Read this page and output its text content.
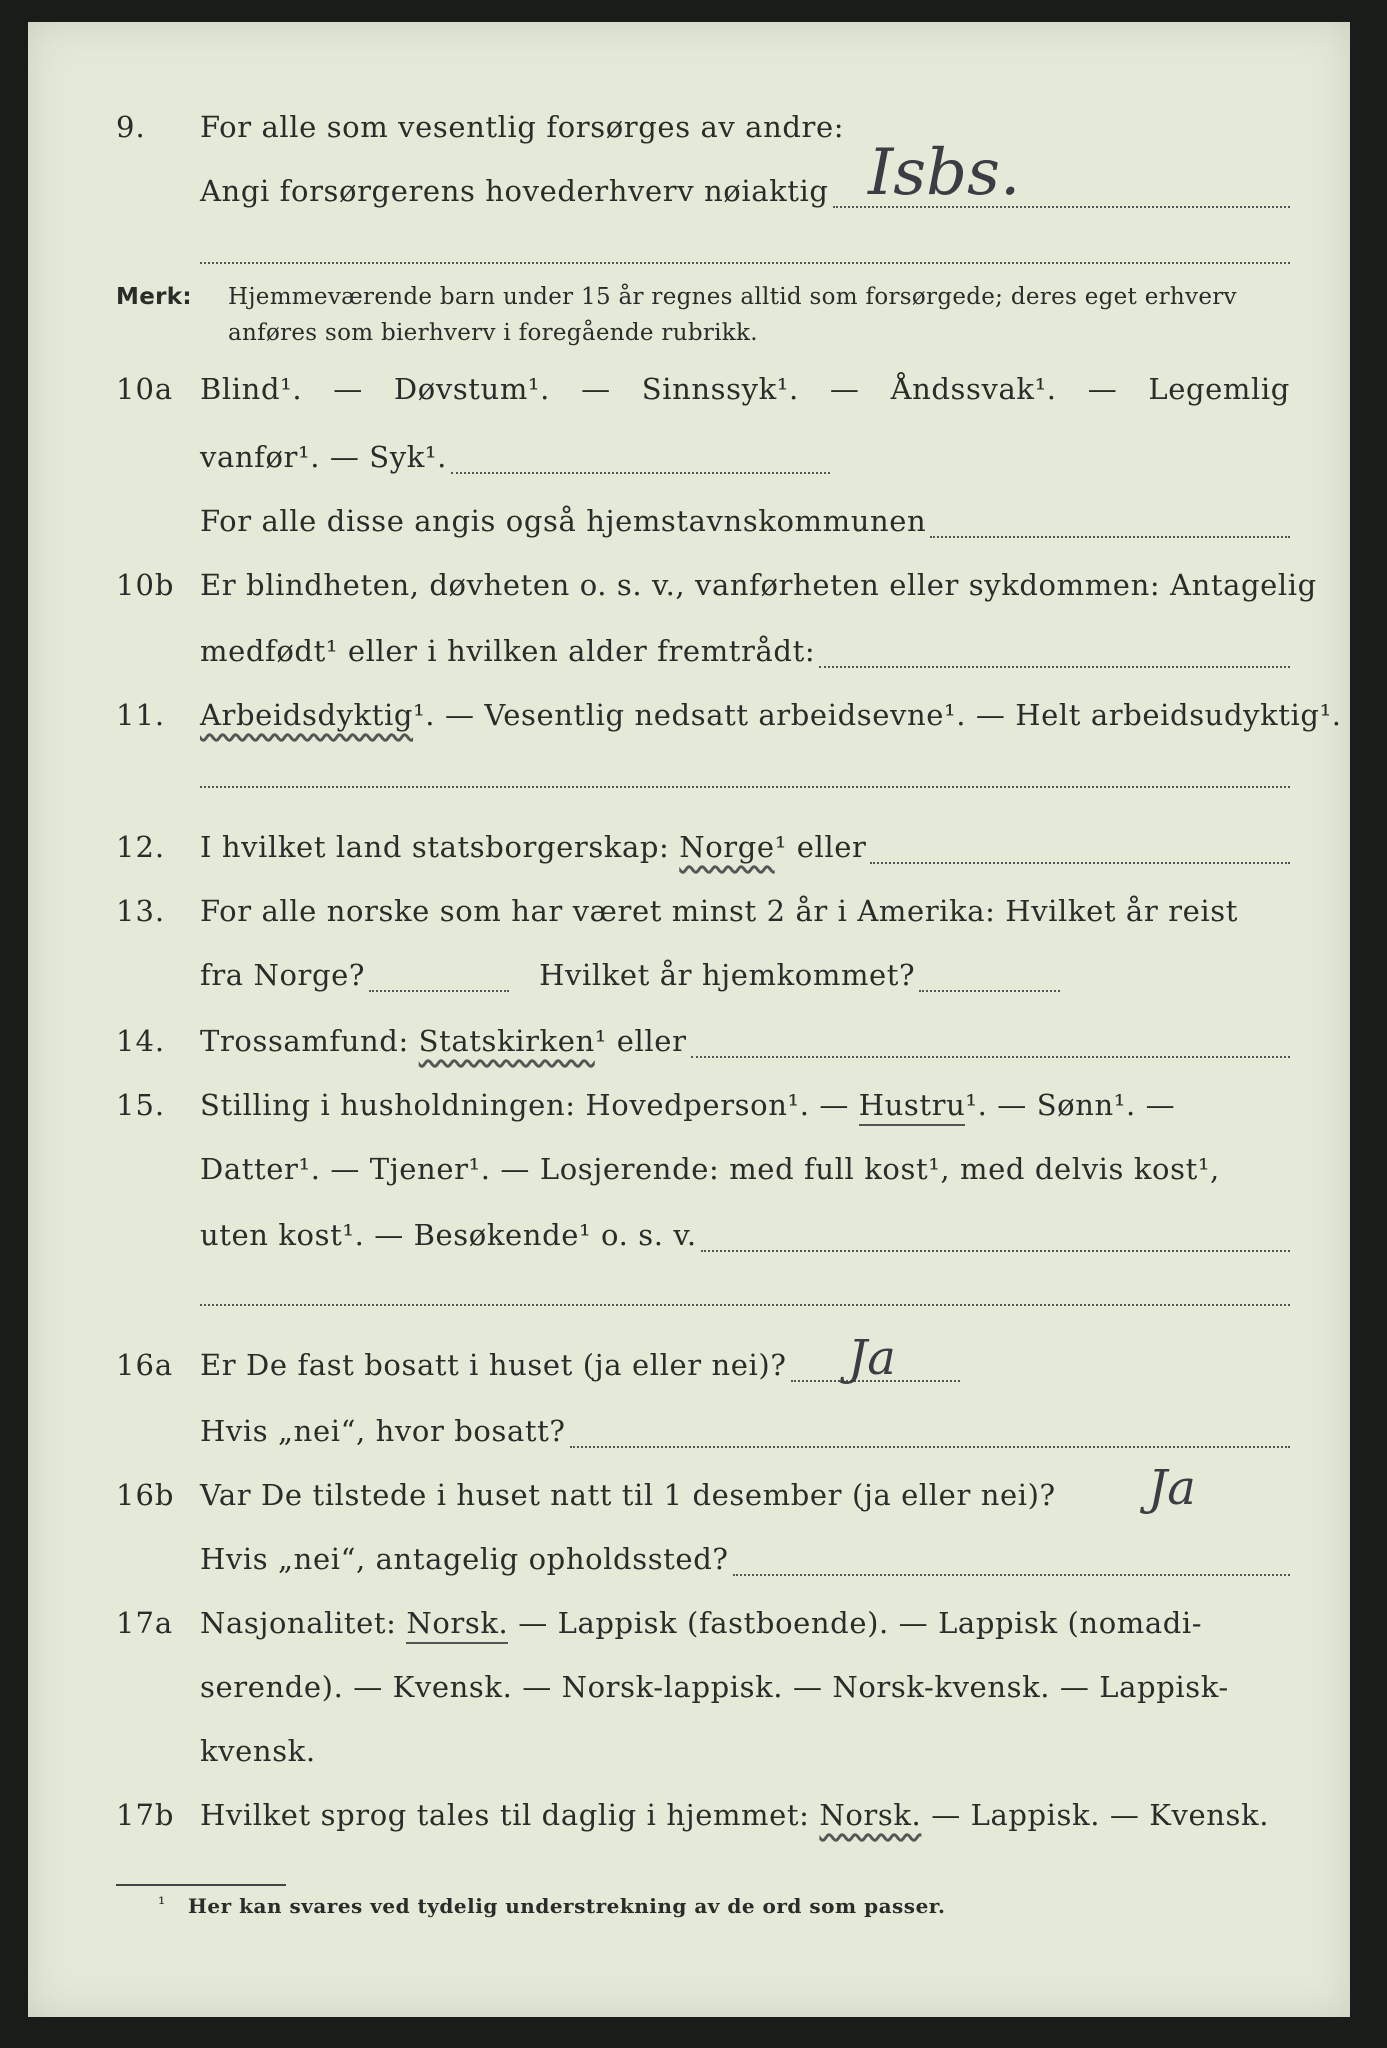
9. For alle som vesentlig forsørges av andre:
Angi forsørgerens hovederhverv nøiaktig Isbs.
Merk: Hjemmeværende barn under 15 år regnes alltid som forsørgede; deres eget erhverv
anføres som bierhverv i foregående rubrikk.
10a Blind¹. — Døvstum¹. — Sinnssyk¹. — Åndssvak¹. — Legemlig
vanfør¹. — Syk¹.
For alle disse angis også hjemstavnskommunen
10b Er blindheten, døvheten o. s. v., vanførheten eller sykdommen: Antagelig
medfødt¹ eller i hvilken alder fremtrådt:
11. Arbeidsdyktig¹. — Vesentlig nedsatt arbeidsevne¹. — Helt arbeidsudyktig¹.
12. I hvilket land statsborgerskap:
Norge ¹ eller
13. For alle norske som har været minst 2 år i Amerika: Hvilket år reist
fra Norge?	Hvilket år hjemkommet?
14. Trossamfund:
Statskirken ¹ eller
15. Stilling i husholdningen: Hovedperson¹. — Hustru¹. — Sønn¹. —
Datter¹. — Tjener¹. — Losjerende: med full kost¹, med delvis kost¹,
uten kost¹. — Besøkende¹ o. s. v.
16a Er De fast bosatt i huset (ja eller nei)? Ja
Hvis „nei“, hvor bosatt?
16b Var De tilstede i huset natt til 1 desember (ja eller nei)?	Ja
Hvis „nei“, antagelig opholdssted?
17a Nasjonalitet: Norsk. — Lappisk (fastboende). — Lappisk (nomadi-
serende). — Kvensk. — Norsk-lappisk. — Norsk-kvensk. — Lappisk-
kvensk.
17b Hvilket sprog tales til daglig i hjemmet: Norsk. — Lappisk. — Kvensk.
¹ Her kan svares ved tydelig understrekning av de ord som passer.
